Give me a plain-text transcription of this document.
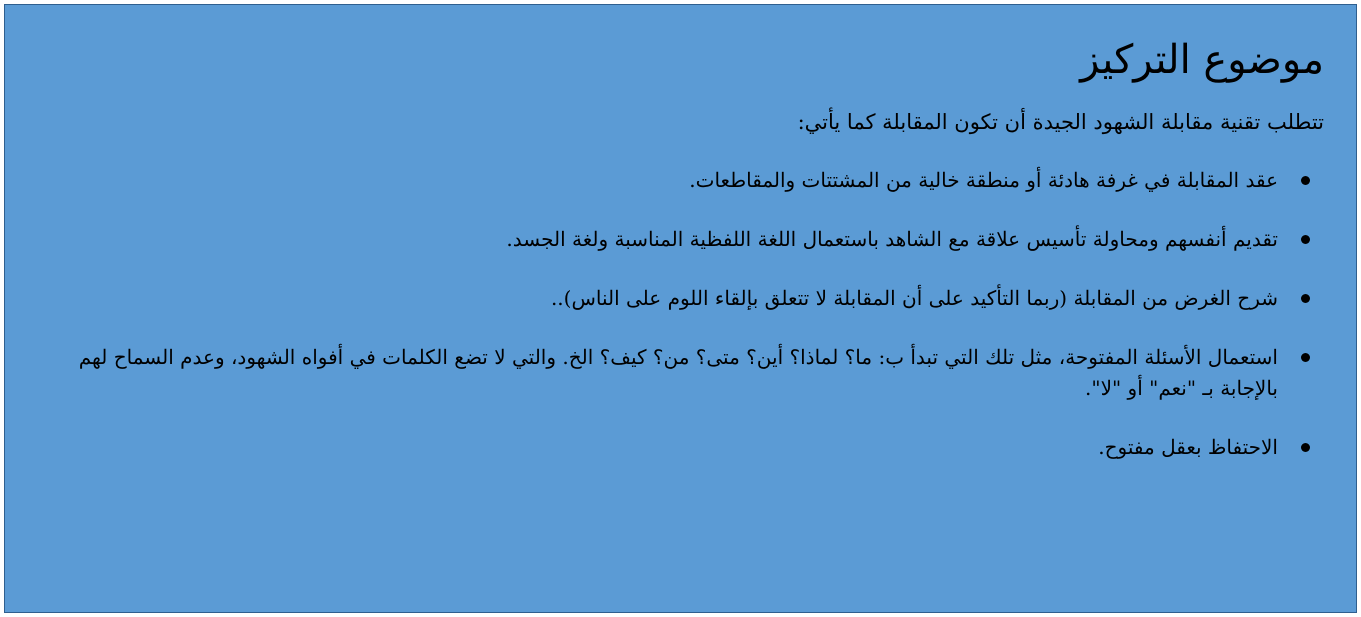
موضوع التركيز

تتطلب تقنية مقابلة الشهود الجيدة أن تكون المقابلة كما يأتي:

عقد المقابلة في غرفة هادئة أو منطقة خالية من المشتتات والمقاطعات.
تقديم أنفسهم ومحاولة تأسيس علاقة مع الشاهد باستعمال اللغة اللفظية المناسبة ولغة الجسد.
شرح الغرض من المقابلة (ربما التأكيد على أن المقابلة لا تتعلق بإلقاء اللوم على الناس)..
استعمال الأسئلة المفتوحة، مثل تلك التي تبدأ ب: ما؟ لماذا؟ أين؟ متى؟ من؟ كيف؟ الخ. والتي لا تضع الكلمات في أفواه الشهود، وعدم السماح لهم بالإجابة بـ "نعم" أو "لا".
الاحتفاظ بعقل مفتوح.
